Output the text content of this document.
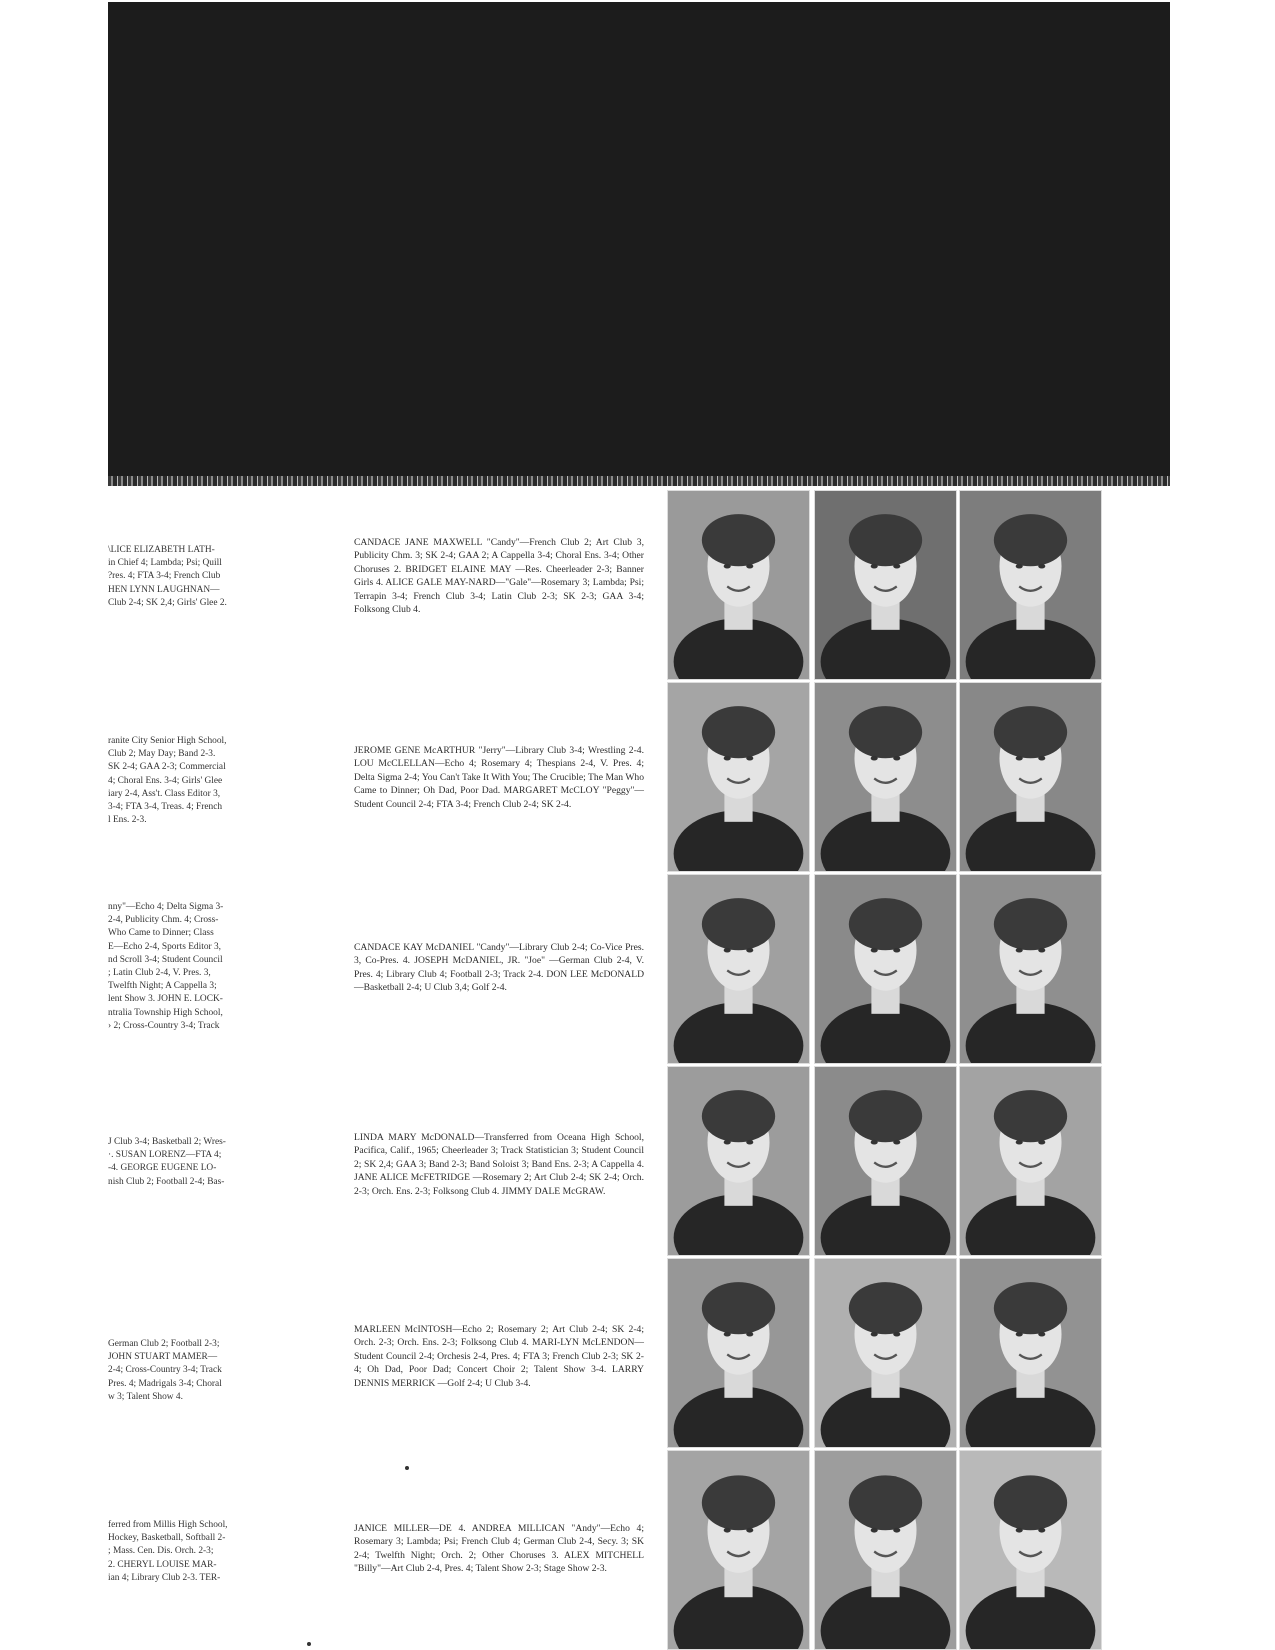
\LICE ELIZABETH LATH-
in Chief 4; Lambda; Psi; Quill
?res. 4; FTA 3-4; French Club
HEN LYNN LAUGHNAN—
Club 2-4; SK 2,4; Girls' Glee 2.
ranite City Senior High School,
Club 2; May Day; Band 2-3.
SK 2-4; GAA 2-3; Commercial
4; Choral Ens. 3-4; Girls' Glee
iary 2-4, Ass't. Class Editor 3,
3-4; FTA 3-4, Treas. 4; French
l Ens. 2-3.
nny"—Echo 4; Delta Sigma 3-
2-4, Publicity Chm. 4; Cross-
Who Came to Dinner; Class
E—Echo 2-4, Sports Editor 3,
nd Scroll 3-4; Student Council
; Latin Club 2-4, V. Pres. 3,
Twelfth Night; A Cappella 3;
lent Show 3. JOHN E. LOCK-
ntralia Township High School,
› 2; Cross-Country 3-4; Track
J Club 3-4; Basketball 2; Wres-
·. SUSAN LORENZ—FTA 4;
-4. GEORGE EUGENE LO-
nish Club 2; Football 2-4; Bas-
German Club 2; Football 2-3;
JOHN STUART MAMER—
2-4; Cross-Country 3-4; Track
Pres. 4; Madrigals 3-4; Choral
w 3; Talent Show 4.
ferred from Millis High School,
Hockey, Basketball, Softball 2-
; Mass. Cen. Dis. Orch. 2-3;
2. CHERYL LOUISE MAR-
ian 4; Library Club 2-3. TER-
CANDACE JANE MAXWELL "Candy"—French Club 2; Art Club 3, Publicity Chm. 3; SK 2-4; GAA 2; A Cappella 3-4; Choral Ens. 3-4; Other Choruses 2. BRIDGET ELAINE MAY —Res. Cheerleader 2-3; Banner Girls 4. ALICE GALE MAY-NARD—"Gale"—Rosemary 3; Lambda; Psi; Terrapin 3-4; French Club 3-4; Latin Club 2-3; SK 2-3; GAA 3-4; Folksong Club 4.
JEROME GENE McARTHUR "Jerry"—Library Club 3-4; Wrestling 2-4. LOU McCLELLAN—Echo 4; Rosemary 4; Thespians 2-4, V. Pres. 4; Delta Sigma 2-4; You Can't Take It With You; The Crucible; The Man Who Came to Dinner; Oh Dad, Poor Dad. MARGARET McCLOY "Peggy"—Student Council 2-4; FTA 3-4; French Club 2-4; SK 2-4.
CANDACE KAY McDANIEL "Candy"—Library Club 2-4; Co-Vice Pres. 3, Co-Pres. 4. JOSEPH McDANIEL, JR. "Joe" —German Club 2-4, V. Pres. 4; Library Club 4; Football 2-3; Track 2-4. DON LEE McDONALD—Basketball 2-4; U Club 3,4; Golf 2-4.
LINDA MARY McDONALD—Transferred from Oceana High School, Pacifica, Calif., 1965; Cheerleader 3; Track Statistician 3; Student Council 2; SK 2,4; GAA 3; Band 2-3; Band Soloist 3; Band Ens. 2-3; A Cappella 4. JANE ALICE McFETRIDGE —Rosemary 2; Art Club 2-4; SK 2-4; Orch. 2-3; Orch. Ens. 2-3; Folksong Club 4. JIMMY DALE McGRAW.
MARLEEN McINTOSH—Echo 2; Rosemary 2; Art Club 2-4; SK 2-4; Orch. 2-3; Orch. Ens. 2-3; Folksong Club 4. MARI-LYN McLENDON—Student Council 2-4; Orchesis 2-4, Pres. 4; FTA 3; French Club 2-3; SK 2-4; Oh Dad, Poor Dad; Concert Choir 2; Talent Show 3-4. LARRY DENNIS MERRICK —Golf 2-4; U Club 3-4.
JANICE MILLER—DE 4. ANDREA MILLICAN "Andy"—Echo 4; Rosemary 3; Lambda; Psi; French Club 4; German Club 2-4, Secy. 3; SK 2-4; Twelfth Night; Orch. 2; Other Choruses 3. ALEX MITCHELL "Billy"—Art Club 2-4, Pres. 4; Talent Show 2-3; Stage Show 2-3.
